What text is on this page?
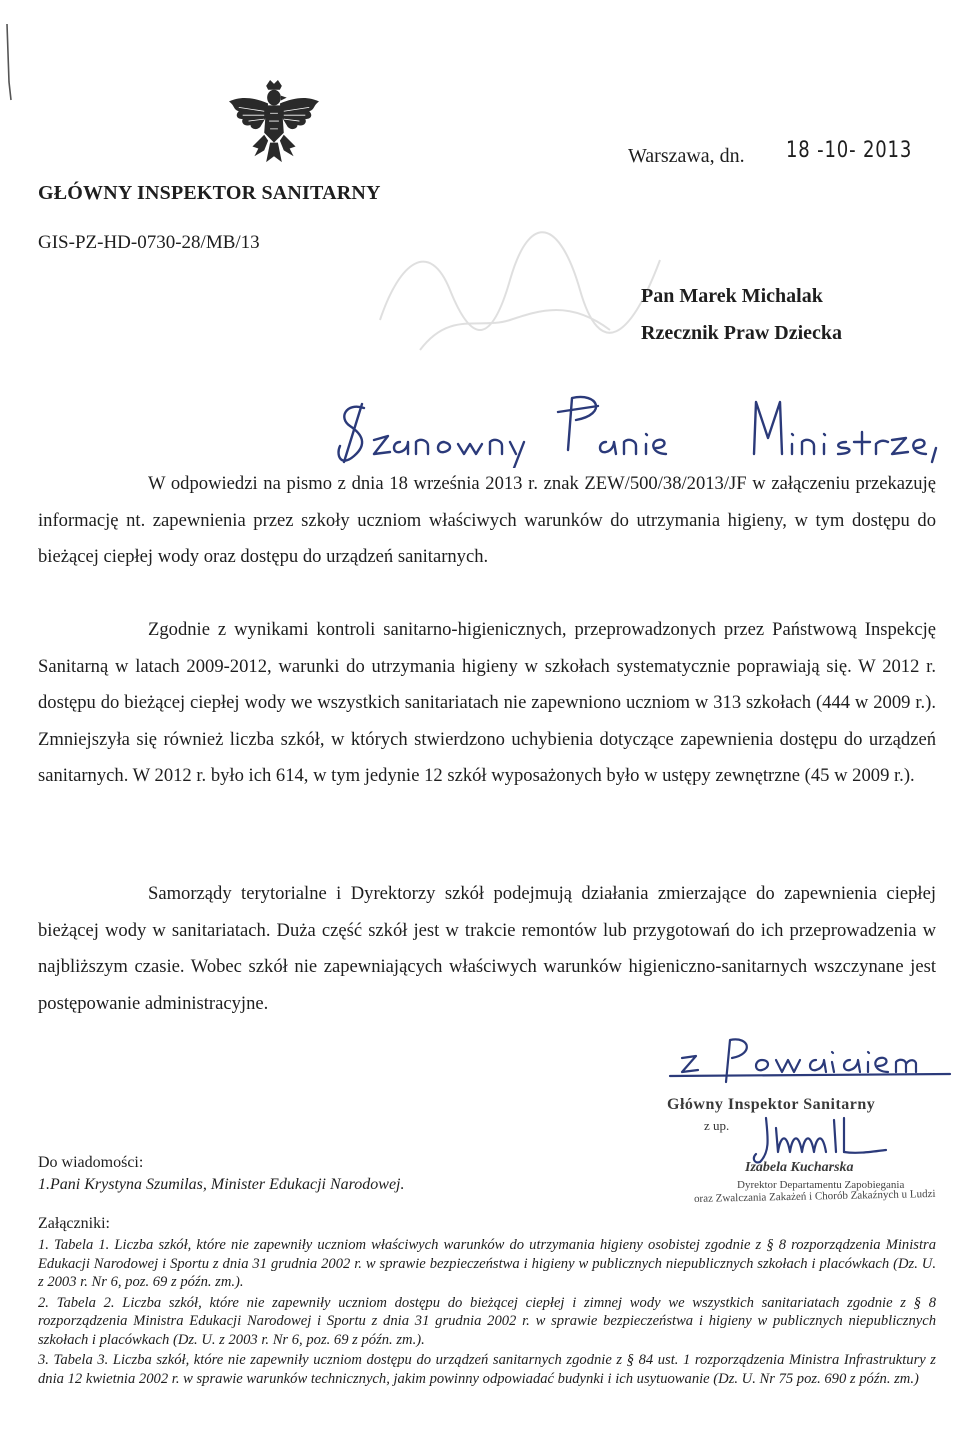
GŁÓWNY INSPEKTOR SANITARNY
GIS-PZ-HD-0730-28/MB/13
Warszawa, dn. 18 -10- 2013
Pan Marek Michalak
Rzecznik Praw Dziecka

W odpowiedzi na pismo z dnia 18 września 2013 r. znak ZEW/500/38/2013/JF w załączeniu przekazuję informację nt. zapewnienia przez szkoły uczniom właściwych warunków do utrzymania higieny, w tym dostępu do bieżącej ciepłej wody oraz dostępu do urządzeń sanitarnych.

Zgodnie z wynikami kontroli sanitarno-higienicznych, przeprowadzonych przez Państwową Inspekcję Sanitarną w latach 2009-2012, warunki do utrzymania higieny w szkołach systematycznie poprawiają się. W 2012 r. dostępu do bieżącej ciepłej wody we wszystkich sanitariatach nie zapewniono uczniom w 313 szkołach (444 w 2009 r.). Zmniejszyła się również liczba szkół, w których stwierdzono uchybienia dotyczące zapewnienia dostępu do urządzeń sanitarnych. W 2012 r. było ich 614, w tym jedynie 12 szkół wyposażonych było w ustępy zewnętrzne (45 w 2009 r.).

Samorządy terytorialne i Dyrektorzy szkół podejmują działania zmierzające do zapewnienia ciepłej bieżącej wody w sanitariatach. Duża część szkół jest w trakcie remontów lub przygotowań do ich przeprowadzenia w najbliższym czasie. Wobec szkół nie zapewniających właściwych warunków higieniczno-sanitarnych wszczynane jest postępowanie administracyjne.

Główny Inspektor Sanitarny
z up.
Izabela Kucharska
Dyrektor Departamentu Zapobiegania
oraz Zwalczania Zakażeń i Chorób Zakaźnych u Ludzi
Do wiadomości:
1.Pani Krystyna Szumilas, Minister Edukacji Narodowej.
Załączniki:

1. Tabela 1. Liczba szkół, które nie zapewniły uczniom właściwych warunków do utrzymania higieny osobistej zgodnie z § 8 rozporządzenia Ministra Edukacji Narodowej i Sportu z dnia 31 grudnia 2002 r. w sprawie bezpieczeństwa i higieny w publicznych niepublicznych szkołach i placówkach (Dz. U. z 2003 r. Nr 6, poz. 69 z późn. zm.).

2. Tabela 2. Liczba szkół, które nie zapewniły uczniom dostępu do bieżącej ciepłej i zimnej wody we wszystkich sanitariatach zgodnie z § 8 rozporządzenia Ministra Edukacji Narodowej i Sportu z dnia 31 grudnia 2002 r. w sprawie bezpieczeństwa i higieny w publicznych niepublicznych szkołach i placówkach (Dz. U. z 2003 r. Nr 6, poz. 69 z późn. zm.).

3. Tabela 3. Liczba szkół, które nie zapewniły uczniom dostępu do urządzeń sanitarnych zgodnie z § 84 ust. 1 rozporządzenia Ministra Infrastruktury z dnia 12 kwietnia 2002 r. w sprawie warunków technicznych, jakim powinny odpowiadać budynki i ich usytuowanie (Dz. U. Nr 75 poz. 690 z późn. zm.)
